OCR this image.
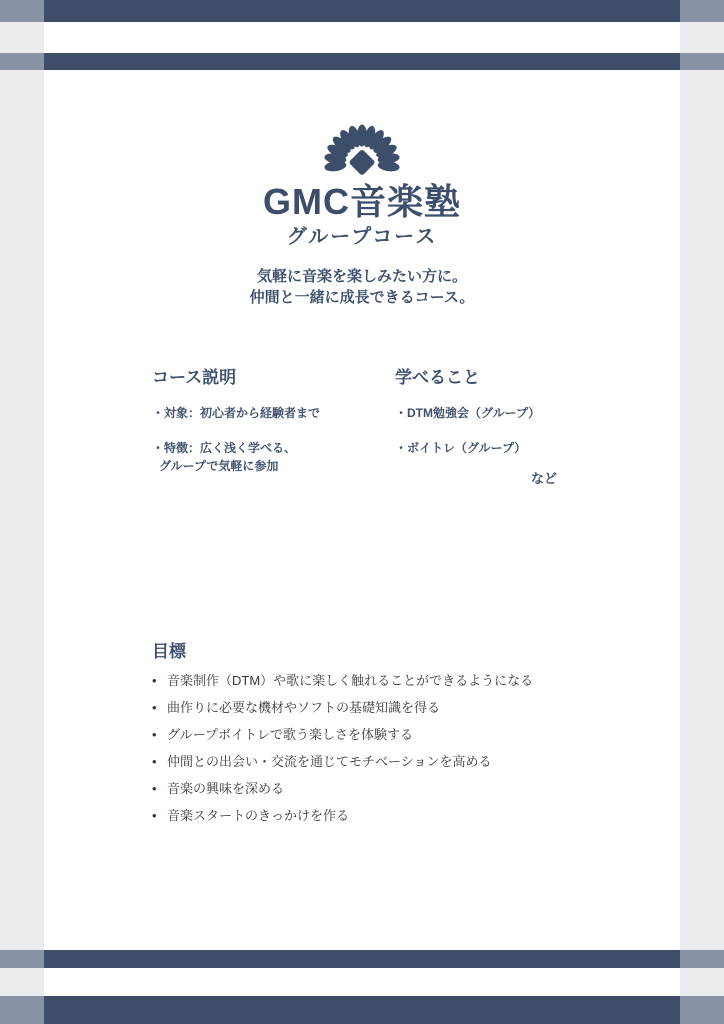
GMC音楽塾
グループコース

気軽に音楽を楽しみたい方に。
仲間と一緒に成長できるコース。

コース説明
・対象：初心者から経験者まで
・特徴：広く浅く学べる、
グループで気軽に参加
学べること
・DTM勉強会（グループ）
・ボイトレ（グループ）
など
目標
• 音楽制作（DTM）や歌に楽しく触れることができるようになる
• 曲作りに必要な機材やソフトの基礎知識を得る
• グループボイトレで歌う楽しさを体験する
• 仲間との出会い・交流を通じてモチベーションを高める
• 音楽の興味を深める
• 音楽スタートのきっかけを作る
